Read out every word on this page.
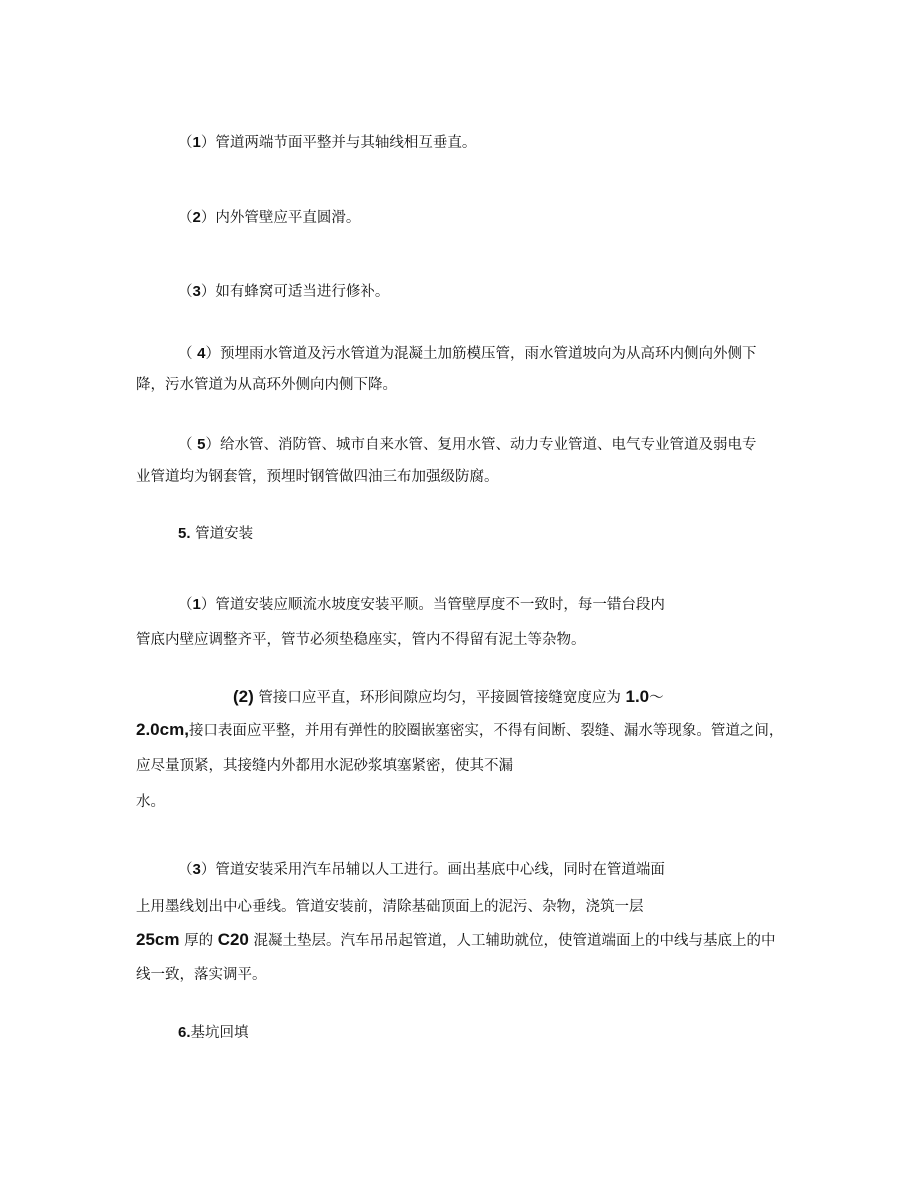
（1）管道两端节面平整并与其轴线相互垂直。
（2）内外管壁应平直圆滑。
（3）如有蜂窝可适当进行修补。
（ 4）预埋雨水管道及污水管道为混凝土加筋模压管，雨水管道坡向为从高环内侧向外侧下
降，污水管道为从高环外侧向内侧下降。
（ 5）给水管、消防管、城市自来水管、复用水管、动力专业管道、电气专业管道及弱电专
业管道均为钢套管，预埋时钢管做四油三布加强级防腐。
5. 管道安装
（1）管道安装应顺流水坡度安装平顺。当管壁厚度不一致时，每一错台段内
管底内壁应调整齐平，管节必须垫稳座实，管内不得留有泥土等杂物。
(2) 管接口应平直，环形间隙应均匀，平接圆管接缝宽度应为 1.0～
2.0cm,接口表面应平整，并用有弹性的胶圈嵌塞密实，不得有间断、裂缝、漏水等现象。管道之间，
应尽量顶紧，其接缝内外都用水泥砂浆填塞紧密，使其不漏
水。
（3）管道安装采用汽车吊辅以人工进行。画出基底中心线，同时在管道端面
上用墨线划出中心垂线。管道安装前，清除基础顶面上的泥污、杂物，浇筑一层
25cm 厚的 C20 混凝土垫层。汽车吊吊起管道，人工辅助就位，使管道端面上的中线与基底上的中
线一致，落实调平。
6.基坑回填
